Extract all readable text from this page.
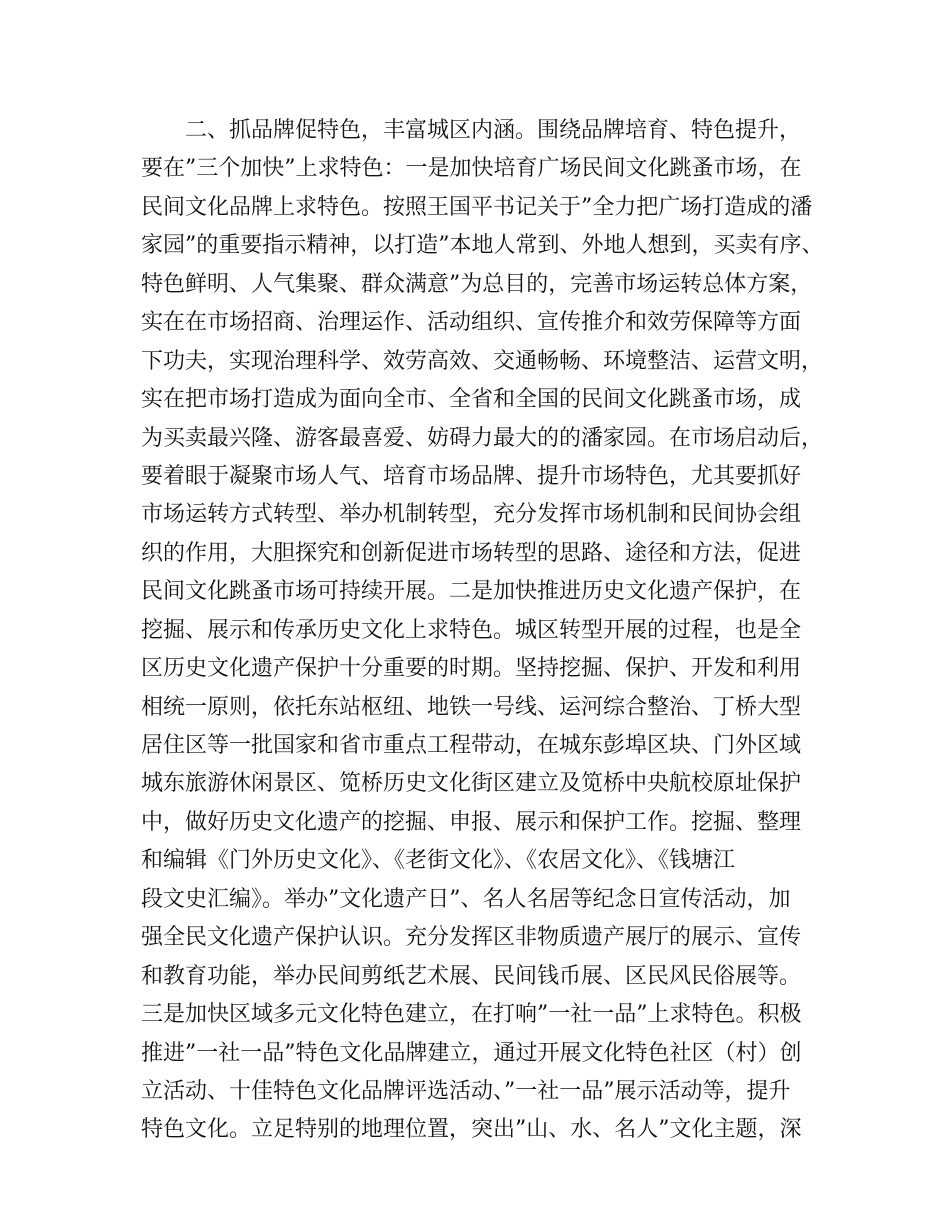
　　二、抓品牌促特色，丰富城区内涵。围绕品牌培育、特色提升，
要在”三个加快”上求特色：一是加快培育广场民间文化跳蚤市场，在
民间文化品牌上求特色。按照王国平书记关于”全力把广场打造成的潘
家园”的重要指示精神，以打造”本地人常到、外地人想到，买卖有序、
特色鲜明、人气集聚、群众满意”为总目的，完善市场运转总体方案，
实在在市场招商、治理运作、活动组织、宣传推介和效劳保障等方面
下功夫，实现治理科学、效劳高效、交通畅畅、环境整洁、运营文明，
实在把市场打造成为面向全市、全省和全国的民间文化跳蚤市场，成
为买卖最兴隆、游客最喜爱、妨碍力最大的的潘家园。在市场启动后，
要着眼于凝聚市场人气、培育市场品牌、提升市场特色，尤其要抓好
市场运转方式转型、举办机制转型，充分发挥市场机制和民间协会组
织的作用，大胆探究和创新促进市场转型的思路、途径和方法，促进
民间文化跳蚤市场可持续开展。二是加快推进历史文化遗产保护，在
挖掘、展示和传承历史文化上求特色。城区转型开展的过程，也是全
区历史文化遗产保护十分重要的时期。坚持挖掘、保护、开发和利用
相统一原则，依托东站枢纽、地铁一号线、运河综合整治、丁桥大型
居住区等一批国家和省市重点工程带动，在城东彭埠区块、门外区域
城东旅游休闲景区、笕桥历史文化街区建立及笕桥中央航校原址保护
中，做好历史文化遗产的挖掘、申报、展示和保护工作。挖掘、整理
和编辑《门外历史文化》、《老街文化》、《农居文化》、《钱塘江
段文史汇编》。举办”文化遗产日”、名人名居等纪念日宣传活动，加
强全民文化遗产保护认识。充分发挥区非物质遗产展厅的展示、宣传
和教育功能，举办民间剪纸艺术展、民间钱币展、区民风民俗展等。
三是加快区域多元文化特色建立，在打响”一社一品”上求特色。积极
推进”一社一品”特色文化品牌建立，通过开展文化特色社区（村）创
立活动、十佳特色文化品牌评选活动、”一社一品”展示活动等，提升
特色文化。立足特别的地理位置，突出”山、水、名人”文化主题，深
